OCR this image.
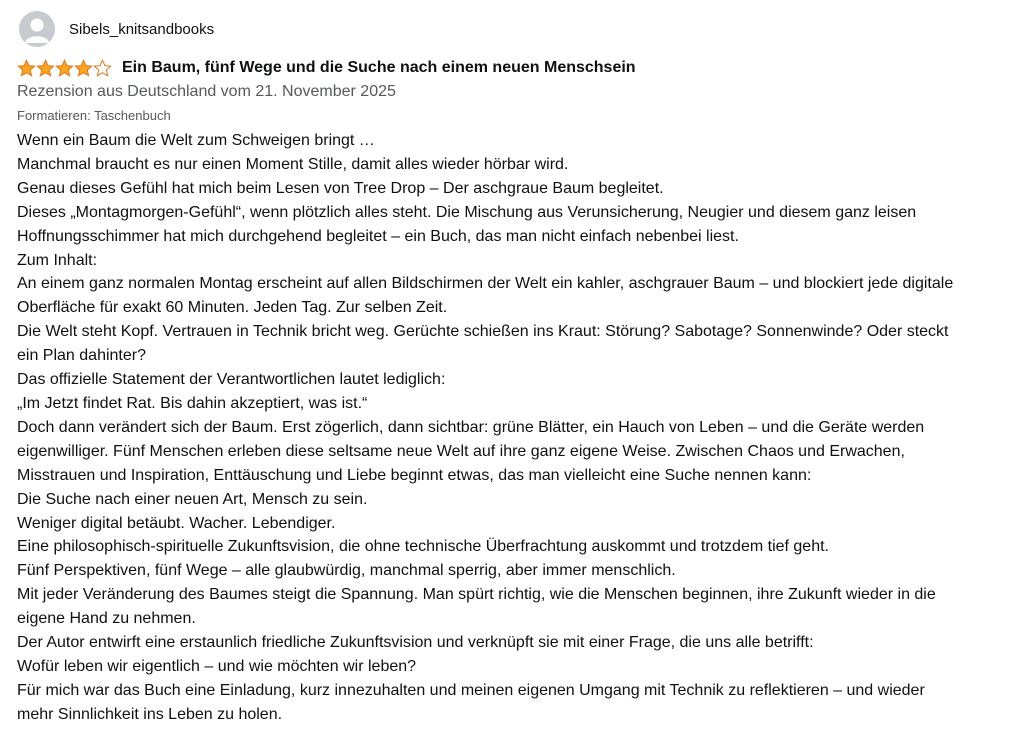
Sibels_knitsandbooks
Ein Baum, fünf Wege und die Suche nach einem neuen Menschsein
Rezension aus Deutschland vom 21. November 2025
Formatieren: Taschenbuch
Wenn ein Baum die Welt zum Schweigen bringt …
Manchmal braucht es nur einen Moment Stille, damit alles wieder hörbar wird.
Genau dieses Gefühl hat mich beim Lesen von Tree Drop – Der aschgraue Baum begleitet.
Dieses „Montagmorgen-Gefühl“, wenn plötzlich alles steht. Die Mischung aus Verunsicherung, Neugier und diesem ganz leisen
Hoffnungsschimmer hat mich durchgehend begleitet – ein Buch, das man nicht einfach nebenbei liest.
Zum Inhalt:
An einem ganz normalen Montag erscheint auf allen Bildschirmen der Welt ein kahler, aschgrauer Baum – und blockiert jede digitale
Oberfläche für exakt 60 Minuten. Jeden Tag. Zur selben Zeit.
Die Welt steht Kopf. Vertrauen in Technik bricht weg. Gerüchte schießen ins Kraut: Störung? Sabotage? Sonnenwinde? Oder steckt
ein Plan dahinter?
Das offizielle Statement der Verantwortlichen lautet lediglich:
„Im Jetzt findet Rat. Bis dahin akzeptiert, was ist.“
Doch dann verändert sich der Baum. Erst zögerlich, dann sichtbar: grüne Blätter, ein Hauch von Leben – und die Geräte werden
eigenwilliger. Fünf Menschen erleben diese seltsame neue Welt auf ihre ganz eigene Weise. Zwischen Chaos und Erwachen,
Misstrauen und Inspiration, Enttäuschung und Liebe beginnt etwas, das man vielleicht eine Suche nennen kann:
Die Suche nach einer neuen Art, Mensch zu sein.
Weniger digital betäubt. Wacher. Lebendiger.
Eine philosophisch-spirituelle Zukunftsvision, die ohne technische Überfrachtung auskommt und trotzdem tief geht.
Fünf Perspektiven, fünf Wege – alle glaubwürdig, manchmal sperrig, aber immer menschlich.
Mit jeder Veränderung des Baumes steigt die Spannung. Man spürt richtig, wie die Menschen beginnen, ihre Zukunft wieder in die
eigene Hand zu nehmen.
Der Autor entwirft eine erstaunlich friedliche Zukunftsvision und verknüpft sie mit einer Frage, die uns alle betrifft:
Wofür leben wir eigentlich – und wie möchten wir leben?
Für mich war das Buch eine Einladung, kurz innezuhalten und meinen eigenen Umgang mit Technik zu reflektieren – und wieder
mehr Sinnlichkeit ins Leben zu holen.
